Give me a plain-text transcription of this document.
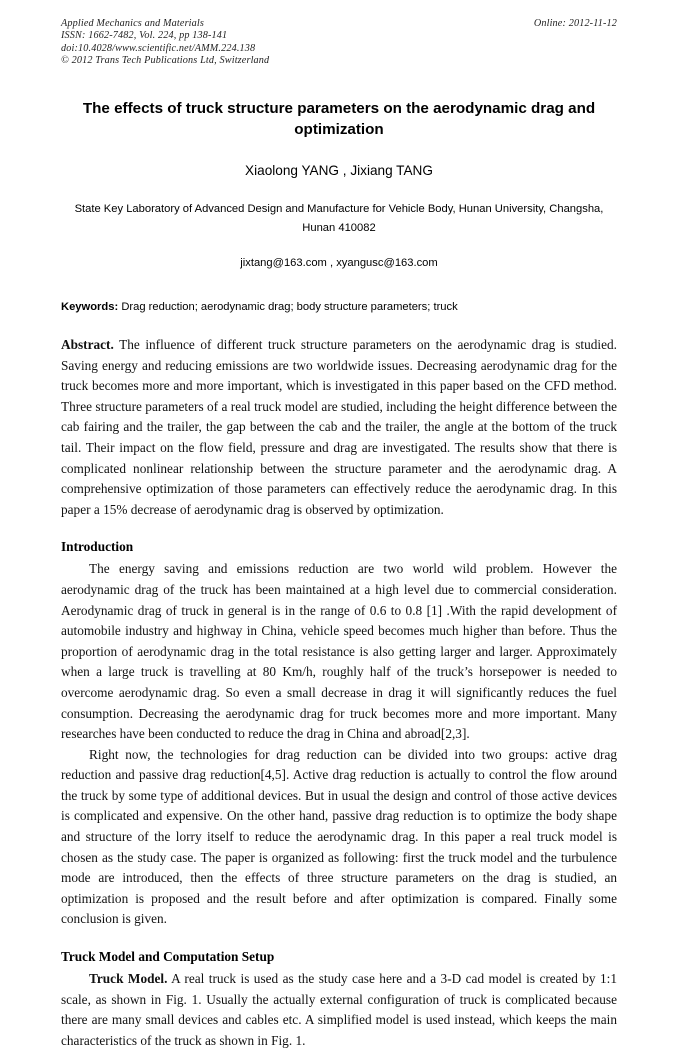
Applied Mechanics and Materials
ISSN: 1662-7482, Vol. 224, pp 138-141
doi:10.4028/www.scientific.net/AMM.224.138
© 2012 Trans Tech Publications Ltd, Switzerland
Online: 2012-11-12
The effects of truck structure parameters on the aerodynamic drag and optimization
Xiaolong YANG , Jixiang TANG
State Key Laboratory of Advanced Design and Manufacture for Vehicle Body, Hunan University, Changsha, Hunan 410082
jixtang@163.com , xyangusc@163.com
Keywords: Drag reduction; aerodynamic drag; body structure parameters; truck
Abstract. The influence of different truck structure parameters on the aerodynamic drag is studied. Saving energy and reducing emissions are two worldwide issues. Decreasing aerodynamic drag for the truck becomes more and more important, which is investigated in this paper based on the CFD method. Three structure parameters of a real truck model are studied, including the height difference between the cab fairing and the trailer, the gap between the cab and the trailer, the angle at the bottom of the truck tail. Their impact on the flow field, pressure and drag are investigated. The results show that there is complicated nonlinear relationship between the structure parameter and the aerodynamic drag. A comprehensive optimization of those parameters can effectively reduce the aerodynamic drag. In this paper a 15% decrease of aerodynamic drag is observed by optimization.
Introduction

The energy saving and emissions reduction are two world wild problem. However the aerodynamic drag of the truck has been maintained at a high level due to commercial consideration. Aerodynamic drag of truck in general is in the range of 0.6 to 0.8 [1] .With the rapid development of automobile industry and highway in China, vehicle speed becomes much higher than before. Thus the proportion of aerodynamic drag in the total resistance is also getting larger and larger. Approximately when a large truck is travelling at 80 Km/h, roughly half of the truck’s horsepower is needed to overcome aerodynamic drag. So even a small decrease in drag it will significantly reduces the fuel consumption. Decreasing the aerodynamic drag for truck becomes more and more important. Many researches have been conducted to reduce the drag in China and abroad[2,3].

Right now, the technologies for drag reduction can be divided into two groups: active drag reduction and passive drag reduction[4,5]. Active drag reduction is actually to control the flow around the truck by some type of additional devices. But in usual the design and control of those active devices is complicated and expensive. On the other hand, passive drag reduction is to optimize the body shape and structure of the lorry itself to reduce the aerodynamic drag. In this paper a real truck model is chosen as the study case. The paper is organized as following: first the truck model and the turbulence mode are introduced, then the effects of three structure parameters on the drag is studied, an optimization is proposed and the result before and after optimization is compared. Finally some conclusion is given.

Truck Model and Computation Setup

Truck Model. A real truck is used as the study case here and a 3-D cad model is created by 1:1 scale, as shown in Fig. 1. Usually the actually external configuration of truck is complicated because there are many small devices and cables etc. A simplified model is used instead, which keeps the main characteristics of the truck as shown in Fig. 1.
